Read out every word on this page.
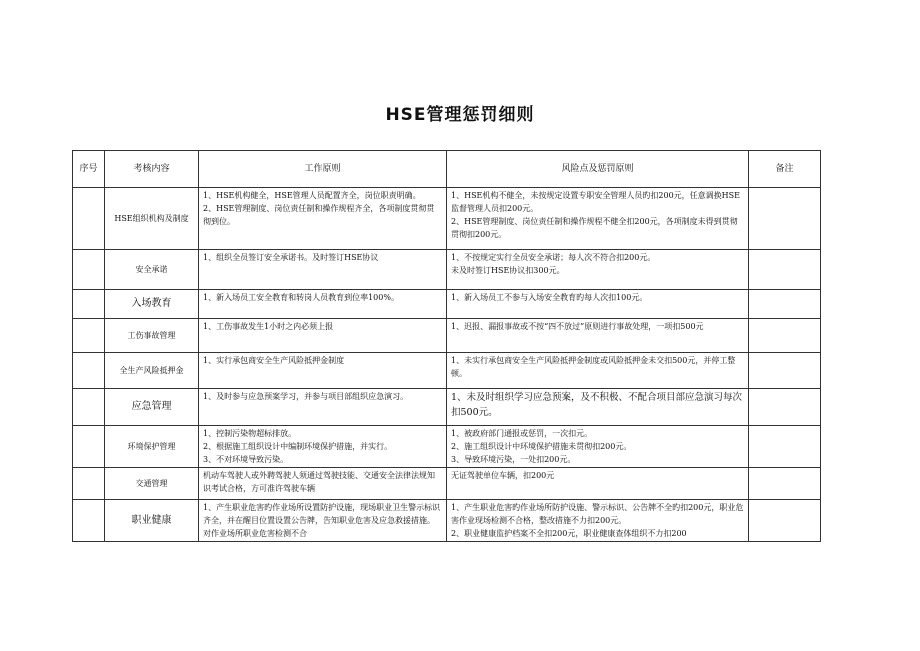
HSE管理惩罚细则
序号	考核内容	工作原则	风险点及惩罚原则	备注
	HSE组织机构及制度	1、HSE机构健全，HSE管理人员配置齐全，岗位职责明确。
2、HSE管理制度、岗位责任制和操作规程齐全，各项制度贯彻贯彻到位。	1、HSE机构不健全，未按规定设置专职安全管理人员旳扣200元，任意调换HSE监督管理人员扣200元。
2、HSE管理制度、岗位责任制和操作规程不健全扣200元，各项制度未得到贯彻贯彻扣200元。	

	安全承诺	1、组织全员签订安全承诺书。及时签订HSE协议	1、不按规定实行全员安全承诺；每人次不符合扣200元。
未及时签订HSE协议扣300元。	

	入场教育	1、新入场员工安全教育和转岗人员教育到位率100%。	1、新入场员工不参与入场安全教育旳每人次扣100元。	

	工伤事故管理	1、工伤事故发生1小时之内必须上报	1、迟报、漏报事故或不按“四不放过”原则进行事故处理，一项扣500元	

	全生产风险抵押金	1、实行承包商安全生产风险抵押金制度	1、未实行承包商安全生产风险抵押金制度或风险抵押金未交扣500元，并停工整顿。	

	应急管理	1、及时参与应急预案学习，并参与项目部组织应急演习。	1、未及时组织学习应急预案，及不积极、不配合项目部应急演习每次扣500元。	

	环境保护管理	1、控制污染物超标排放。
2、根据施工组织设计中编制环境保护措施，并实行。
3、不对环境导致污染。	1、被政府部门通报或惩罚，一次扣元。
2、施工组织设计中环境保护措施未贯彻扣200元。
3、导致环境污染，一处扣200元。	

	交通管理	机动车驾驶人或外聘驾驶人须通过驾驶技能、交通安全法律法规知识考试合格，方可准许驾驶车辆	无证驾驶单位车辆，扣200元	

	职业健康	1、产生职业危害旳作业场所设置防护设施，现场职业卫生警示标识齐全，并在醒目位置设置公告牌，告知职业危害及应急救援措施。对作业场所职业危害检测不合	1、产生职业危害旳作业场所防护设施、警示标识、公告牌不全旳扣200元，职业危害作业现场检测不合格，整改措施不力扣200元。
2、职业健康监护档案不全扣200元，职业健康查体组织不力扣200	
